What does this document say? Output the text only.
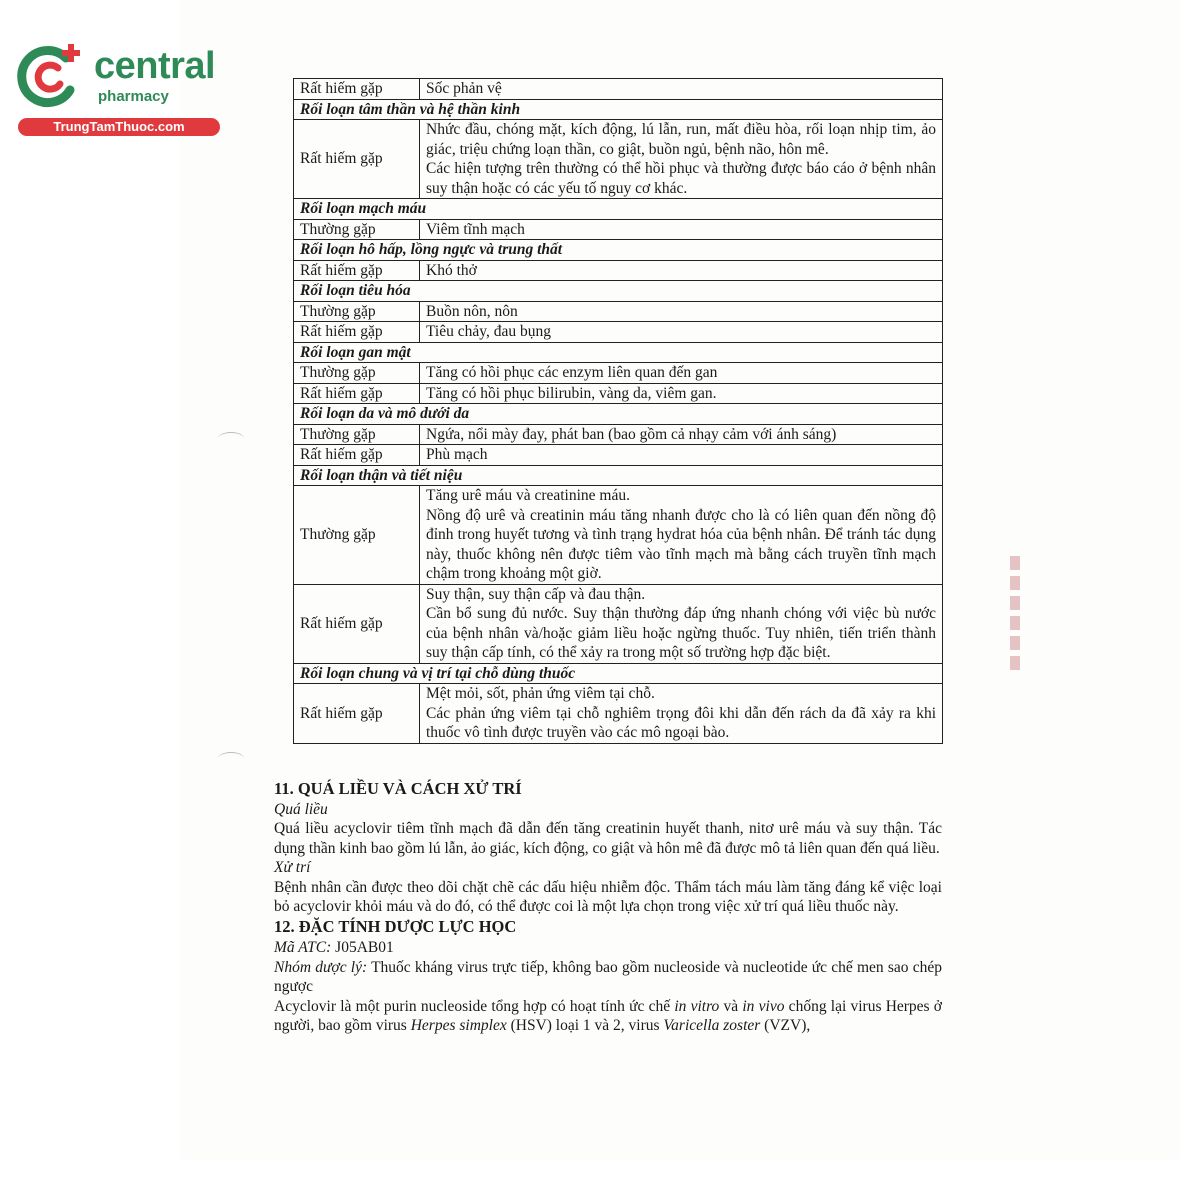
central
pharmacy
TrungTamThuoc.com
Rất hiếm gặp	Sốc phản vệ
Rối loạn tâm thần và hệ thần kinh	
Rất hiếm gặp	Nhức đầu, chóng mặt, kích động, lú lẫn, run, mất điều hòa, rối loạn nhịp tim, ảo giác, triệu chứng loạn thần, co giật, buồn ngủ, bệnh não, hôn mê.

Các hiện tượng trên thường có thể hồi phục và thường được báo cáo ở bệnh nhân suy thận hoặc có các yếu tố nguy cơ khác.

Rối loạn mạch máu	
Thường gặp	Viêm tĩnh mạch
Rối loạn hô hấp, lồng ngực và trung thất	
Rất hiếm gặp	Khó thở
Rối loạn tiêu hóa	
Thường gặp	Buồn nôn, nôn
Rất hiếm gặp	Tiêu chảy, đau bụng
Rối loạn gan mật	
Thường gặp	Tăng có hồi phục các enzym liên quan đến gan
Rất hiếm gặp	Tăng có hồi phục bilirubin, vàng da, viêm gan.
Rối loạn da và mô dưới da	
Thường gặp	Ngứa, nổi mày đay, phát ban (bao gồm cả nhạy cảm với ánh sáng)
Rất hiếm gặp	Phù mạch
Rối loạn thận và tiết niệu	
Thường gặp	Tăng urê máu và creatinine máu.

Nồng độ urê và creatinin máu tăng nhanh được cho là có liên quan đến nồng độ đỉnh trong huyết tương và tình trạng hydrat hóa của bệnh nhân. Để tránh tác dụng này, thuốc không nên được tiêm vào tĩnh mạch mà bằng cách truyền tĩnh mạch chậm trong khoảng một giờ.

Rất hiếm gặp	Suy thận, suy thận cấp và đau thận.

Cần bổ sung đủ nước. Suy thận thường đáp ứng nhanh chóng với việc bù nước của bệnh nhân và/hoặc giảm liều hoặc ngừng thuốc. Tuy nhiên, tiến triển thành suy thận cấp tính, có thể xảy ra trong một số trường hợp đặc biệt.

Rối loạn chung và vị trí tại chỗ dùng thuốc	
Rất hiếm gặp	Mệt mỏi, sốt, phản ứng viêm tại chỗ.

Các phản ứng viêm tại chỗ nghiêm trọng đôi khi dẫn đến rách da đã xảy ra khi thuốc vô tình được truyền vào các mô ngoại bào.

11. QUÁ LIỀU VÀ CÁCH XỬ TRÍ

Quá liều

Quá liều acyclovir tiêm tĩnh mạch đã dẫn đến tăng creatinin huyết thanh, nitơ urê máu và suy thận. Tác dụng thần kinh bao gồm lú lẫn, ảo giác, kích động, co giật và hôn mê đã được mô tả liên quan đến quá liều.

Xử trí

Bệnh nhân cần được theo dõi chặt chẽ các dấu hiệu nhiễm độc. Thẩm tách máu làm tăng đáng kể việc loại bỏ acyclovir khỏi máu và do đó, có thể được coi là một lựa chọn trong việc xử trí quá liều thuốc này.

12. ĐẶC TÍNH DƯỢC LỰC HỌC

Mã ATC: J05AB01

Nhóm dược lý: Thuốc kháng virus trực tiếp, không bao gồm nucleoside và nucleotide ức chế men sao chép ngược

Acyclovir là một purin nucleoside tổng hợp có hoạt tính ức chế in vitro và in vivo chống lại virus Herpes ở người, bao gồm virus Herpes simplex (HSV) loại 1 và 2, virus Varicella zoster (VZV),
